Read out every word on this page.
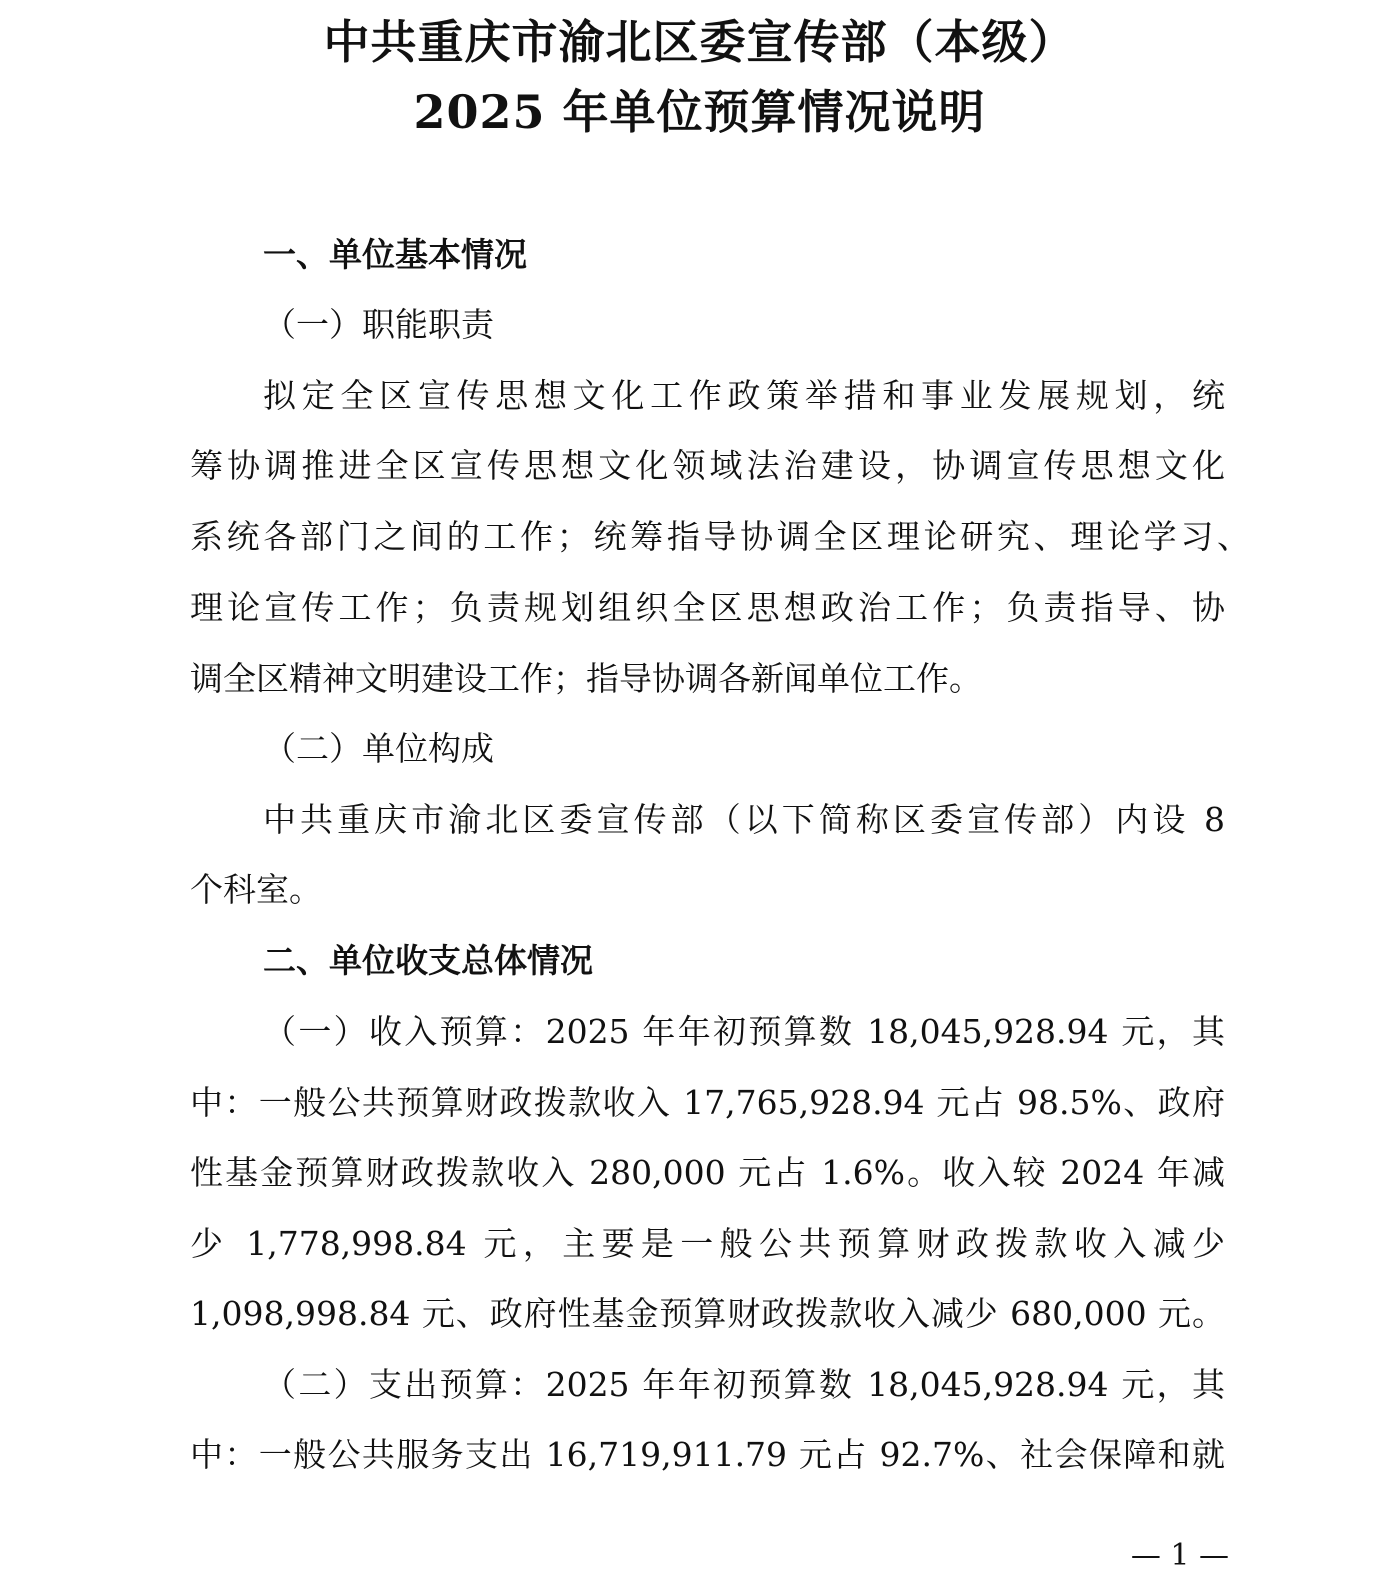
中共重庆市渝北区委宣传部（本级）
2025 年单位预算情况说明
一、单位基本情况
（一）职能职责
拟定全区宣传思想文化工作政策举措和事业发展规划，统
筹协调推进全区宣传思想文化领域法治建设，协调宣传思想文化
系统各部门之间的工作；统筹指导协调全区理论研究、理论学习、
理论宣传工作；负责规划组织全区思想政治工作；负责指导、协
调全区精神文明建设工作；指导协调各新闻单位工作。
（二）单位构成
中共重庆市渝北区委宣传部（以下简称区委宣传部）内设 8
个科室。
二、单位收支总体情况
（一）收入预算：2025 年年初预算数 18,045,928.94 元，其
中：一般公共预算财政拨款收入 17,765,928.94 元占 98.5%、政府
性基金预算财政拨款收入 280,000 元占 1.6%。收入较 2024 年减
少 1,778,998.84 元，主要是一般公共预算财政拨款收入减少
1,098,998.84 元、政府性基金预算财政拨款收入减少 680,000 元。
（二）支出预算：2025 年年初预算数 18,045,928.94 元，其
中：一般公共服务支出 16,719,911.79 元占 92.7%、社会保障和就
— 1 —
